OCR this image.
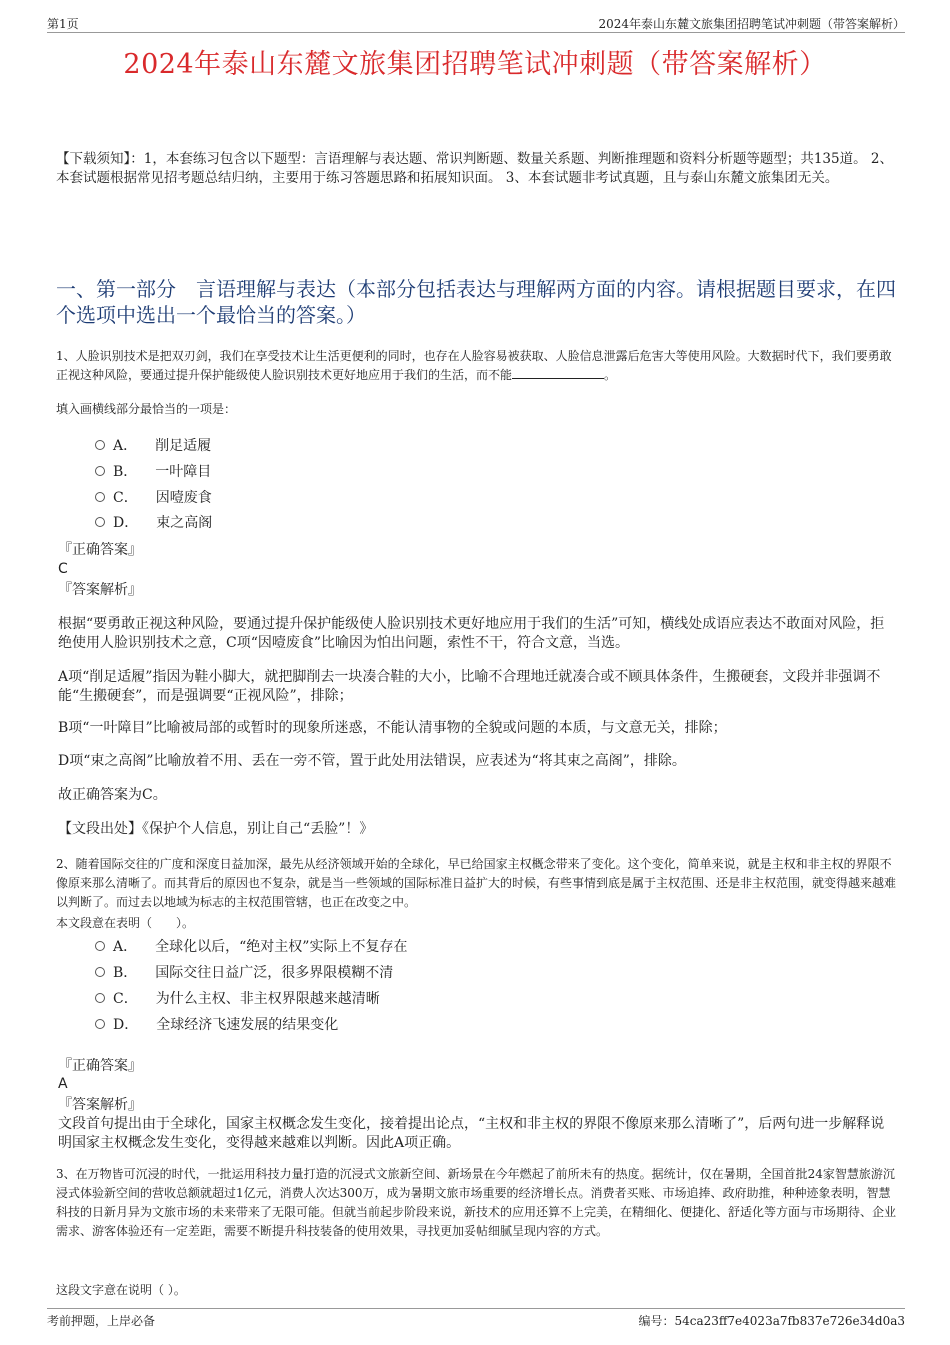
第1页	2024年泰山东麓文旅集团招聘笔试冲刺题（带答案解析）
2024年泰山东麓文旅集团招聘笔试冲刺题（带答案解析）
【下载须知】：1，本套练习包含以下题型：言语理解与表达题、常识判断题、数量关系题、判断推理题和资料分析题等题型；共135道。 2、本套试题根据常见招考题总结归纳，主要用于练习答题思路和拓展知识面。 3、本套试题非考试真题，且与泰山东麓文旅集团无关。
一、第一部分　言语理解与表达（本部分包括表达与理解两方面的内容。请根据题目要求，在四个选项中选出一个最恰当的答案。）
1、人脸识别技术是把双刃剑，我们在享受技术让生活更便利的同时，也存在人脸容易被获取、人脸信息泄露后危害大等使用风险。大数据时代下，我们要勇敢正视这种风险，要通过提升保护能级使人脸识别技术更好地应用于我们的生活，而不能	。
填入画横线部分最恰当的一项是：
A． 削足适履
B． 一叶障目
C． 因噎废食
D． 束之高阁
『正确答案』
C
『答案解析』
根据“要勇敢正视这种风险，要通过提升保护能级使人脸识别技术更好地应用于我们的生活”可知，横线处成语应表达不敢面对风险，拒绝使用人脸识别技术之意，C项“因噎废食”比喻因为怕出问题，索性不干，符合文意，当选。
A项“削足适履”指因为鞋小脚大，就把脚削去一块凑合鞋的大小，比喻不合理地迁就凑合或不顾具体条件，生搬硬套，文段并非强调不能“生搬硬套”，而是强调要“正视风险”，排除；
B项“一叶障目”比喻被局部的或暂时的现象所迷惑，不能认清事物的全貌或问题的本质，与文意无关，排除；
D项“束之高阁”比喻放着不用、丢在一旁不管，置于此处用法错误，应表述为“将其束之高阁”，排除。
故正确答案为C。
【文段出处】《保护个人信息，别让自己“丢脸”！》
2、随着国际交往的广度和深度日益加深，最先从经济领域开始的全球化，早已给国家主权概念带来了变化。这个变化，简单来说，就是主权和非主权的界限不像原来那么清晰了。而其背后的原因也不复杂，就是当一些领域的国际标准日益扩大的时候，有些事情到底是属于主权范围、还是非主权范围，就变得越来越难以判断了。而过去以地域为标志的主权范围管辖，也正在改变之中。
本文段意在表明（　　）。
A． 全球化以后，“绝对主权”实际上不复存在
B． 国际交往日益广泛，很多界限模糊不清
C． 为什么主权、非主权界限越来越清晰
D． 全球经济飞速发展的结果变化
『正确答案』
A
『答案解析』
文段首句提出由于全球化，国家主权概念发生变化，接着提出论点，“主权和非主权的界限不像原来那么清晰了”，后两句进一步解释说明国家主权概念发生变化，变得越来越难以判断。因此A项正确。
3、在万物皆可沉浸的时代，一批运用科技力量打造的沉浸式文旅新空间、新场景在今年燃起了前所未有的热度。据统计，仅在暑期，全国首批24家智慧旅游沉浸式体验新空间的营收总额就超过1亿元，消费人次达300万，成为暑期文旅市场重要的经济增长点。消费者买账、市场追捧、政府助推，种种迹象表明，智慧科技的日新月异为文旅市场的未来带来了无限可能。但就当前起步阶段来说，新技术的应用还算不上完美，在精细化、便捷化、舒适化等方面与市场期待、企业需求、游客体验还有一定差距，需要不断提升科技装备的使用效果，寻找更加妥帖细腻呈现内容的方式。
这段文字意在说明（ ）。
考前押题，上岸必备	编号：54ca23ff7e4023a7fb837e726e34d0a3
